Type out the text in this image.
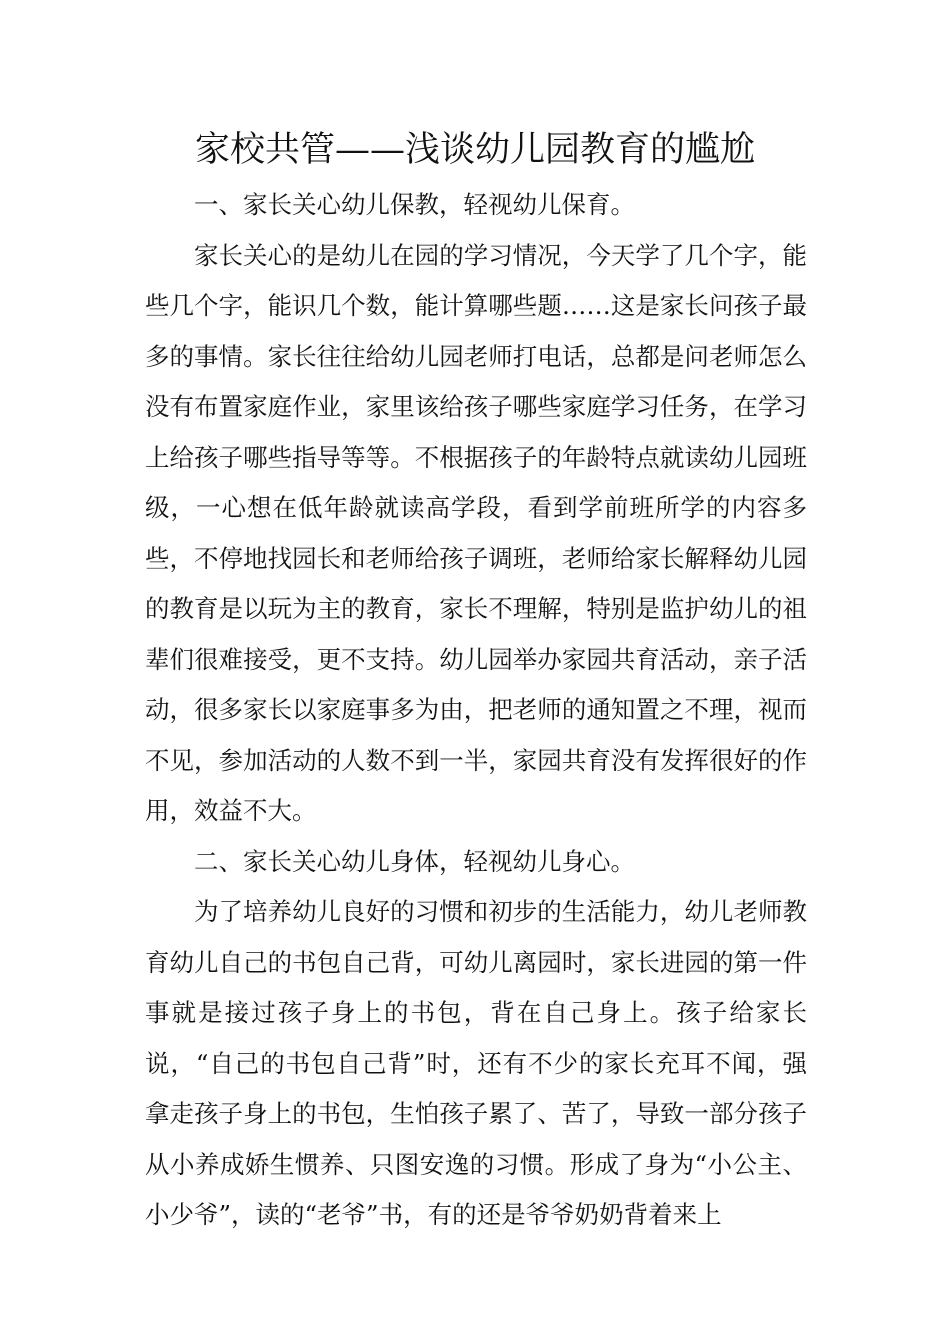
家校共管——浅谈幼儿园教育的尴尬

一、家长关心幼儿保教，轻视幼儿保育。

家长关心的是幼儿在园的学习情况，今天学了几个字，能些几个字，能识几个数，能计算哪些题……这是家长问孩子最多的事情。家长往往给幼儿园老师打电话，总都是问老师怎么没有布置家庭作业，家里该给孩子哪些家庭学习任务，在学习上给孩子哪些指导等等。不根据孩子的年龄特点就读幼儿园班级，一心想在低年龄就读高学段，看到学前班所学的内容多些，不停地找园长和老师给孩子调班，老师给家长解释幼儿园的教育是以玩为主的教育，家长不理解，特别是监护幼儿的祖辈们很难接受，更不支持。幼儿园举办家园共育活动，亲子活动，很多家长以家庭事多为由，把老师的通知置之不理，视而不见，参加活动的人数不到一半，家园共育没有发挥很好的作用，效益不大。

二、家长关心幼儿身体，轻视幼儿身心。

为了培养幼儿良好的习惯和初步的生活能力，幼儿老师教育幼儿自己的书包自己背，可幼儿离园时，家长进园的第一件事就是接过孩子身上的书包，背在自己身上。孩子给家长说，“自己的书包自己背”时，还有不少的家长充耳不闻，强拿走孩子身上的书包，生怕孩子累了、苦了，导致一部分孩子从小养成娇生惯养、只图安逸的习惯。形成了身为“小公主、小少爷”，读的“老爷”书，有的还是爷爷奶奶背着来上
